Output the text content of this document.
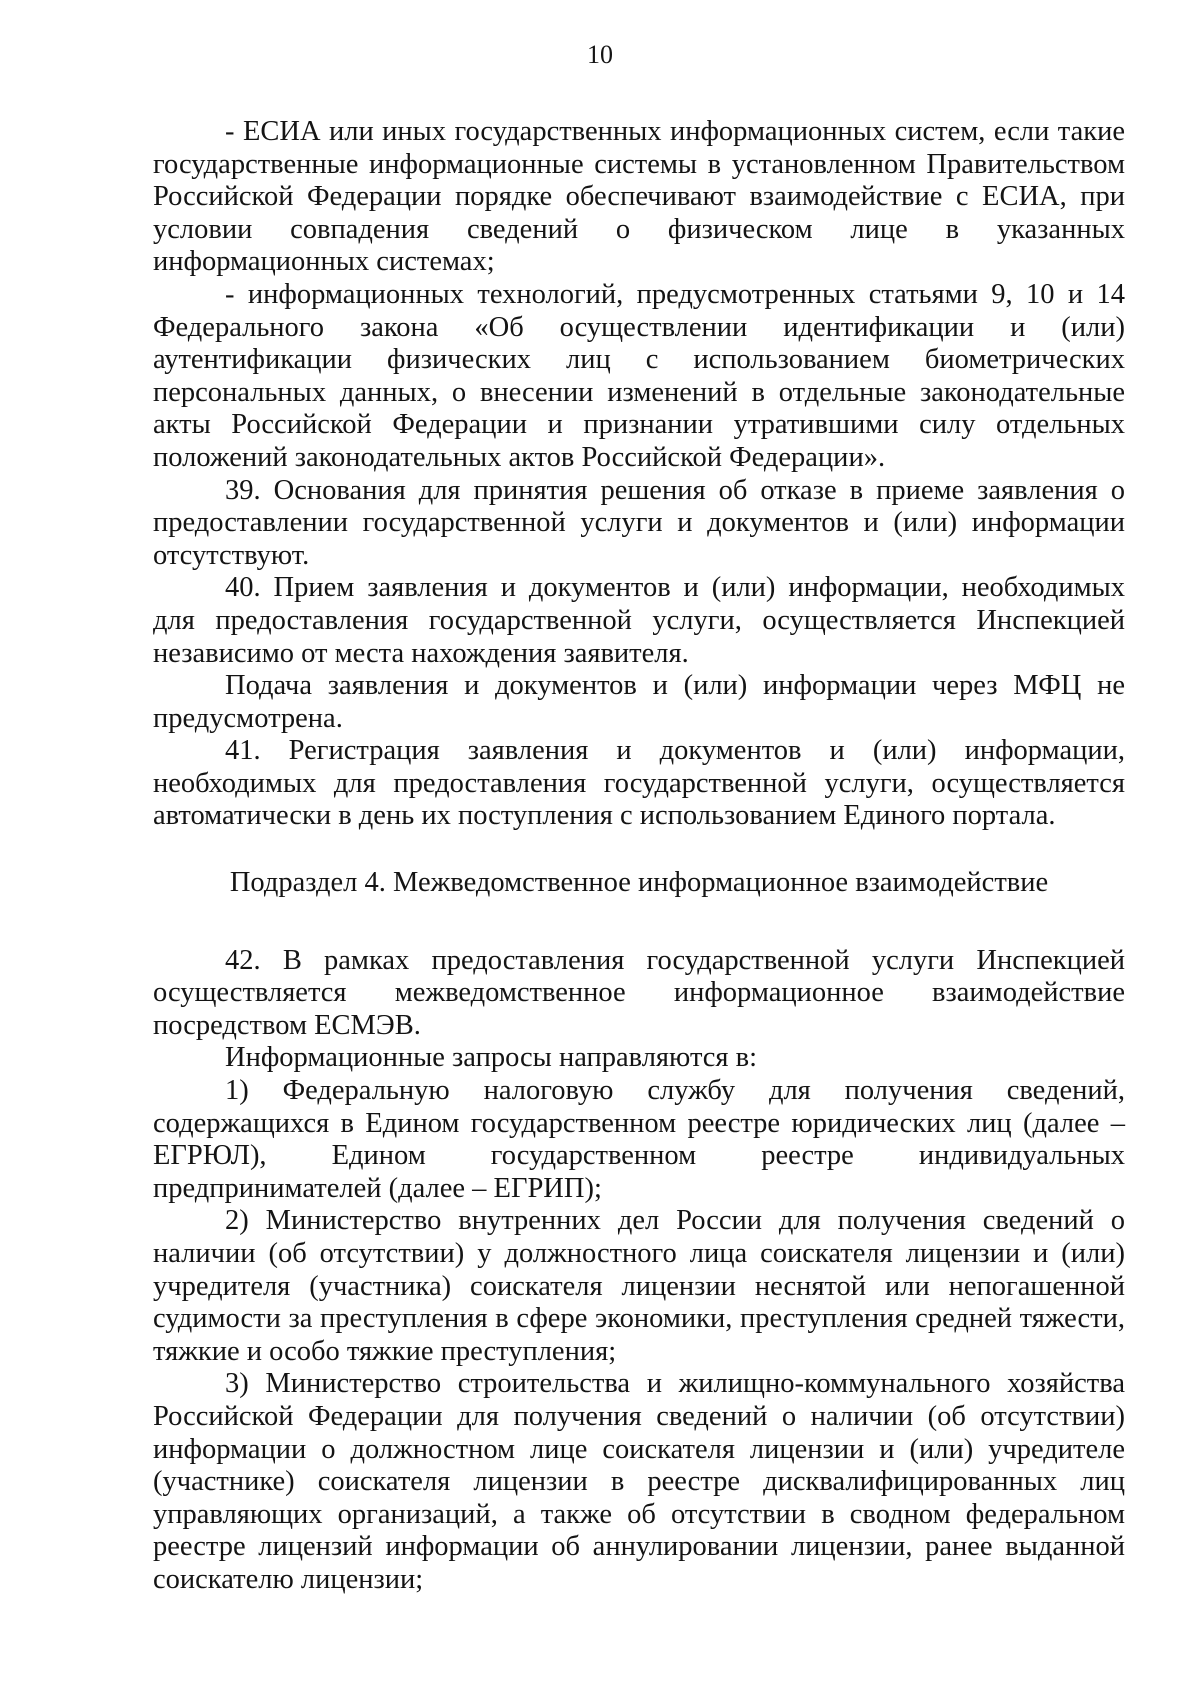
10

- ЕСИА или иных государственных информационных систем, если такие государственные информационные системы в установленном Правительством Российской Федерации порядке обеспечивают взаимодействие с ЕСИА, при условии совпадения сведений о физическом лице в указанных информационных системах;

- информационных технологий, предусмотренных статьями 9, 10 и 14 Федерального закона «Об осуществлении идентификации и (или) аутентификации физических лиц с использованием биометрических персональных данных, о внесении изменений в отдельные законодательные акты Российской Федерации и признании утратившими силу отдельных положений законодательных актов Российской Федерации».

39. Основания для принятия решения об отказе в приеме заявления о предоставлении государственной услуги и документов и (или) информации отсутствуют.

40. Прием заявления и документов и (или) информации, необходимых для предоставления государственной услуги, осуществляется Инспекцией независимо от места нахождения заявителя.

Подача заявления и документов и (или) информации через МФЦ не предусмотрена.

41. Регистрация заявления и документов и (или) информации, необходимых для предоставления государственной услуги, осуществляется автоматически в день их поступления с использованием Единого портала.

Подраздел 4. Межведомственное информационное взаимодействие

42. В рамках предоставления государственной услуги Инспекцией осуществляется межведомственное информационное взаимодействие посредством ЕСМЭВ.

Информационные запросы направляются в:

1) Федеральную налоговую службу для получения сведений, содержащихся в Едином государственном реестре юридических лиц (далее – ЕГРЮЛ), Едином государственном реестре индивидуальных предпринимателей (далее – ЕГРИП);

2) Министерство внутренних дел России для получения сведений о наличии (об отсутствии) у должностного лица соискателя лицензии и (или) учредителя (участника) соискателя лицензии неснятой или непогашенной судимости за преступления в сфере экономики, преступления средней тяжести, тяжкие и особо тяжкие преступления;

3) Министерство строительства и жилищно-коммунального хозяйства Российской Федерации для получения сведений о наличии (об отсутствии) информации о должностном лице соискателя лицензии и (или) учредителе (участнике) соискателя лицензии в реестре дисквалифицированных лиц управляющих организаций, а также об отсутствии в сводном федеральном реестре лицензий информации об аннулировании лицензии, ранее выданной соискателю лицензии;
